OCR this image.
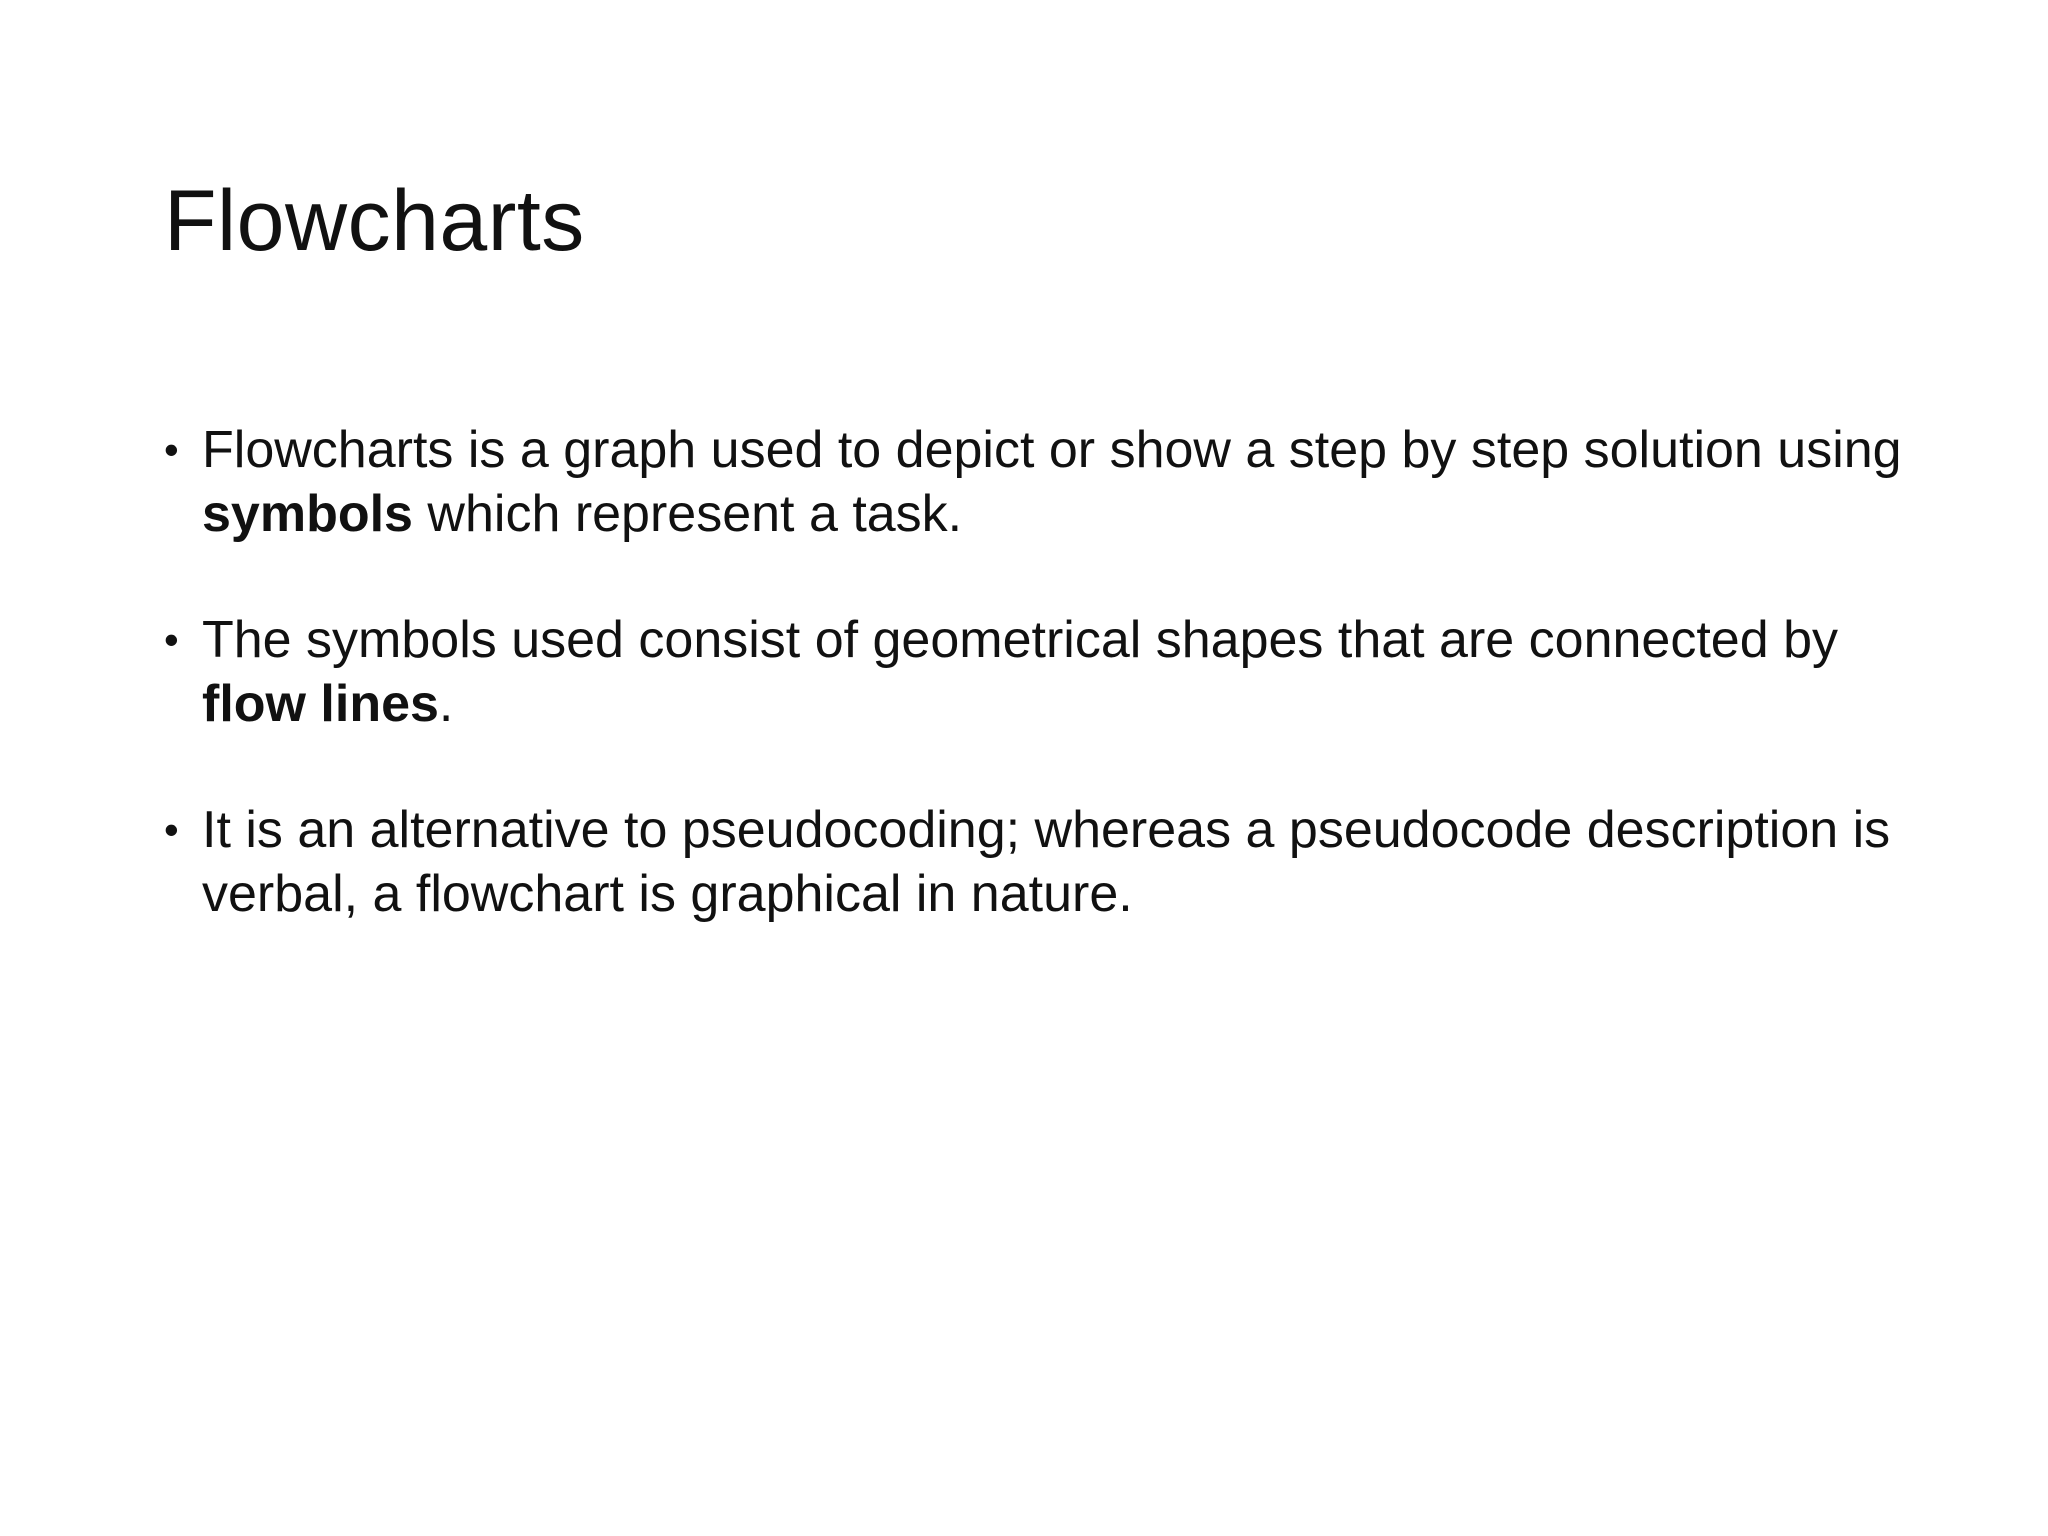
Flowcharts
• Flowcharts is a graph used to depict or show a step by step solution using symbols which represent a task.
• The symbols used consist of geometrical shapes that are connected by flow lines.
• It is an alternative to pseudocoding; whereas a pseudocode description is verbal, a flowchart is graphical in nature.
